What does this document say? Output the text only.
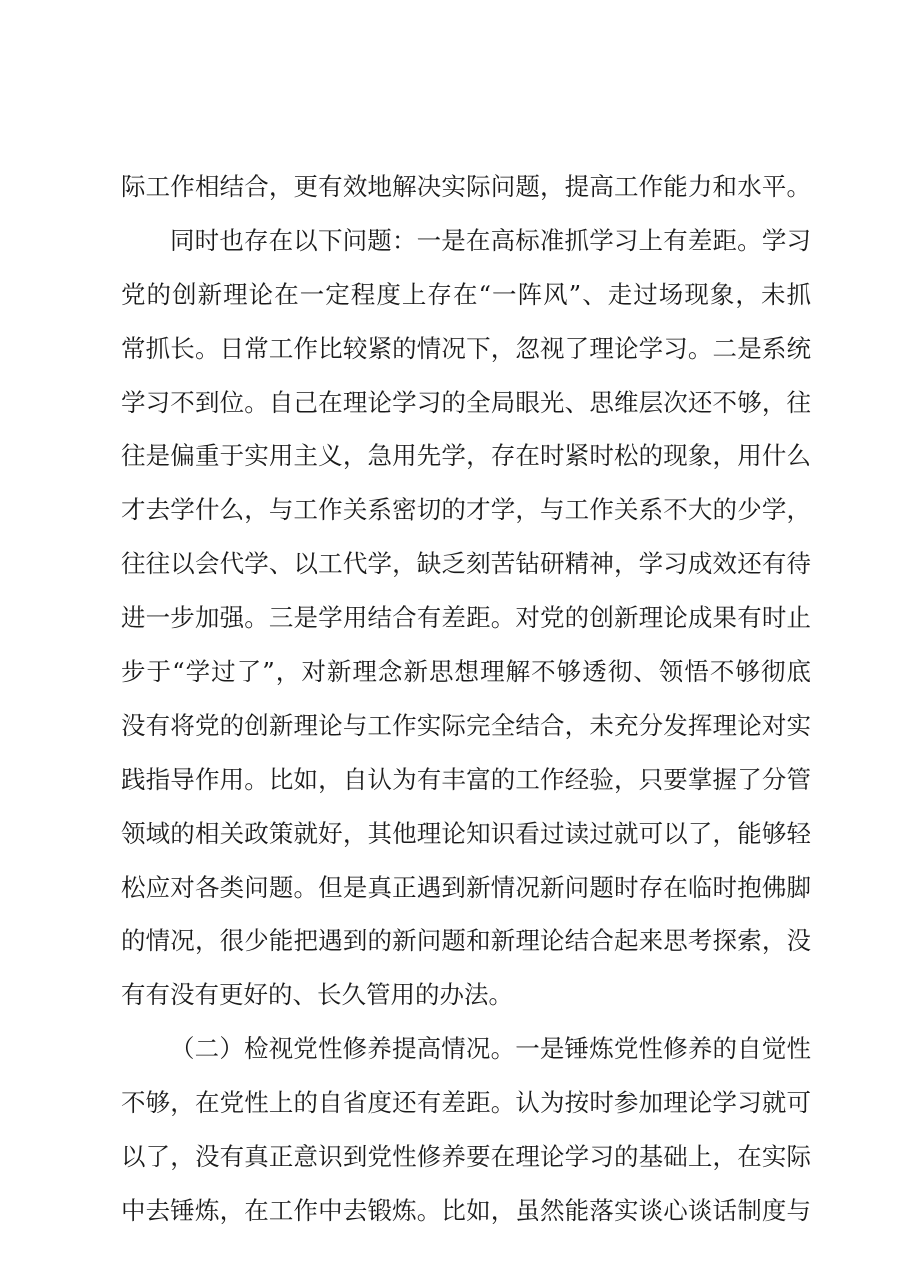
际工作相结合，更有效地解决实际问题，提高工作能力和水平。
同时也存在以下问题：一是在高标准抓学习上有差距。学习
党的创新理论在一定程度上存在“一阵风”、走过场现象，未抓
常抓长。日常工作比较紧的情况下，忽视了理论学习。二是系统
学习不到位。自己在理论学习的全局眼光、思维层次还不够，往
往是偏重于实用主义，急用先学，存在时紧时松的现象，用什么
才去学什么，与工作关系密切的才学，与工作关系不大的少学，
往往以会代学、以工代学，缺乏刻苦钻研精神，学习成效还有待
进一步加强。三是学用结合有差距。对党的创新理论成果有时止
步于“学过了”，对新理念新思想理解不够透彻、领悟不够彻底
没有将党的创新理论与工作实际完全结合，未充分发挥理论对实
践指导作用。比如，自认为有丰富的工作经验，只要掌握了分管
领域的相关政策就好，其他理论知识看过读过就可以了，能够轻
松应对各类问题。但是真正遇到新情况新问题时存在临时抱佛脚
的情况，很少能把遇到的新问题和新理论结合起来思考探索，没
有有没有更好的、长久管用的办法。
（二）检视党性修养提高情况。一是锤炼党性修养的自觉性
不够，在党性上的自省度还有差距。认为按时参加理论学习就可
以了，没有真正意识到党性修养要在理论学习的基础上，在实际
中去锤炼，在工作中去锻炼。比如，虽然能落实谈心谈话制度与
